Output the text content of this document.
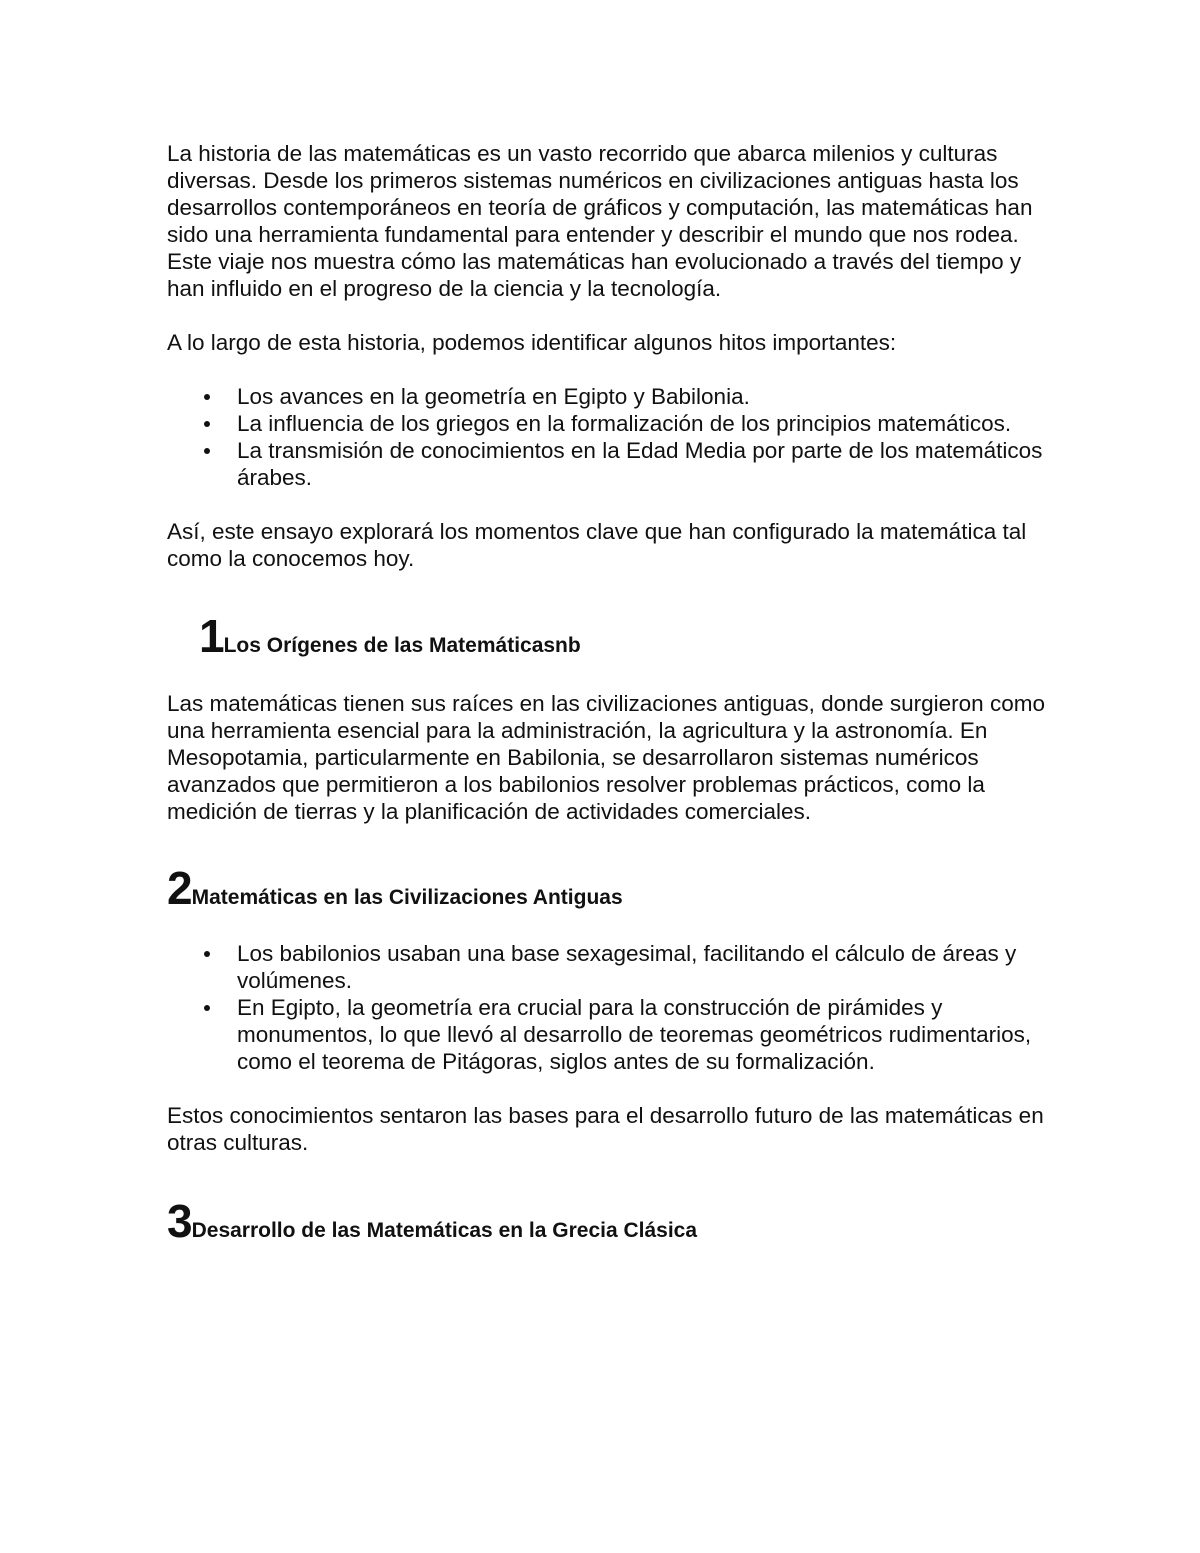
La historia de las matemáticas es un vasto recorrido que abarca milenios y culturas diversas. Desde los primeros sistemas numéricos en civilizaciones antiguas hasta los desarrollos contemporáneos en teoría de gráficos y computación, las matemáticas han sido una herramienta fundamental para entender y describir el mundo que nos rodea. Este viaje nos muestra cómo las matemáticas han evolucionado a través del tiempo y han influido en el progreso de la ciencia y la tecnología.

A lo largo de esta historia, podemos identificar algunos hitos importantes:

Los avances en la geometría en Egipto y Babilonia.
La influencia de los griegos en la formalización de los principios matemáticos.
La transmisión de conocimientos en la Edad Media por parte de los matemáticos árabes.

Así, este ensayo explorará los momentos clave que han configurado la matemática tal como la conocemos hoy.

1 Los Orígenes de las Matemáticasnb

Las matemáticas tienen sus raíces en las civilizaciones antiguas, donde surgieron como una herramienta esencial para la administración, la agricultura y la astronomía. En Mesopotamia, particularmente en Babilonia, se desarrollaron sistemas numéricos avanzados que permitieron a los babilonios resolver problemas prácticos, como la medición de tierras y la planificación de actividades comerciales.

2 Matemáticas en las Civilizaciones Antiguas
Los babilonios usaban una base sexagesimal, facilitando el cálculo de áreas y volúmenes.
En Egipto, la geometría era crucial para la construcción de pirámides y monumentos, lo que llevó al desarrollo de teoremas geométricos rudimentarios, como el teorema de Pitágoras, siglos antes de su formalización.

Estos conocimientos sentaron las bases para el desarrollo futuro de las matemáticas en otras culturas.

3 Desarrollo de las Matemáticas en la Grecia Clásica
